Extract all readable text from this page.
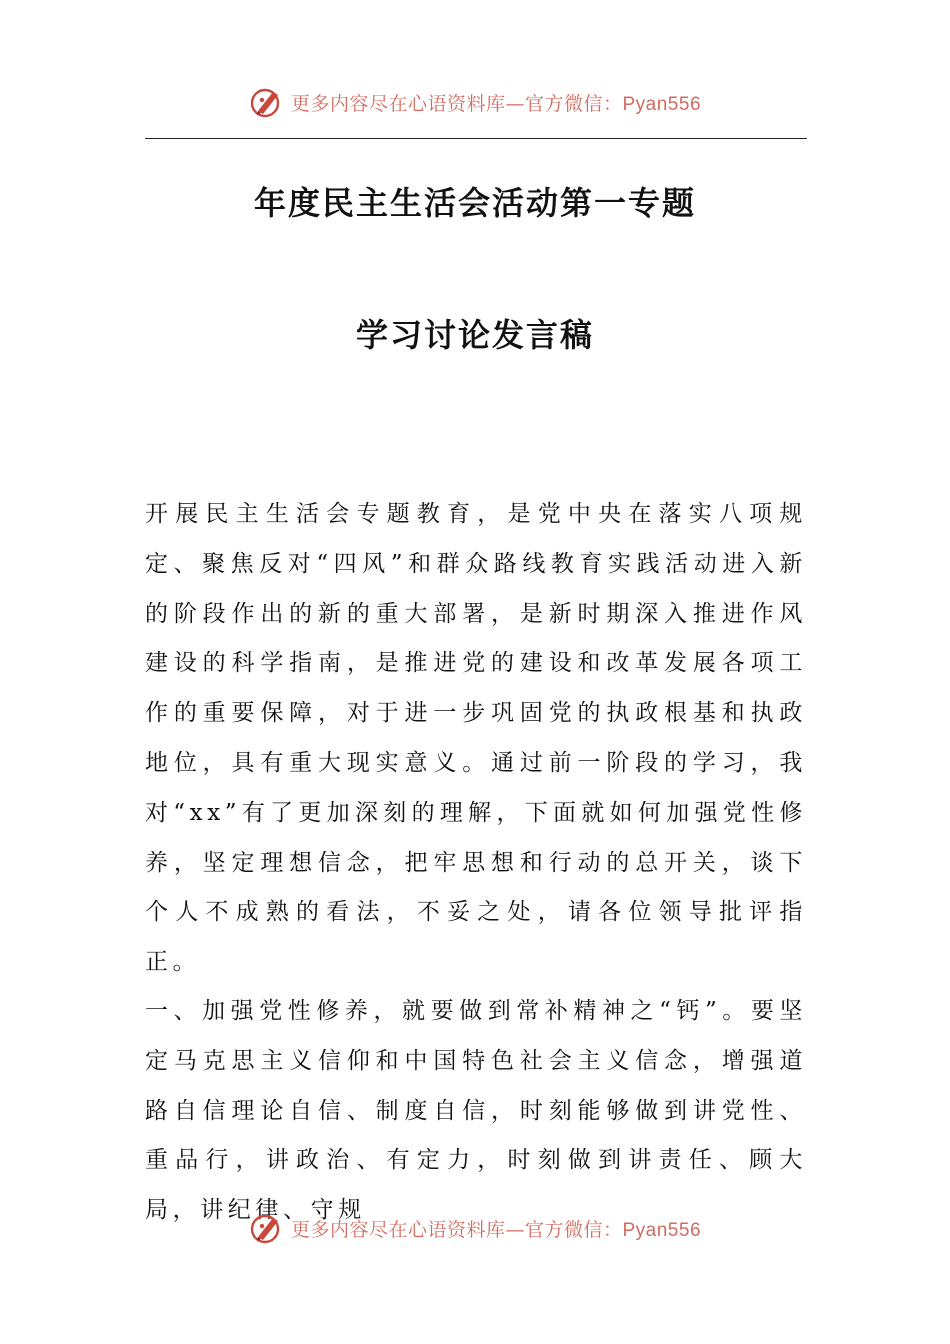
更多内容尽在心语资料库—官方微信：Pyan556
年度民主生活会活动第一专题
学习讨论发言稿

开展民主生活会专题教育，是党中央在落实八项规定、聚焦反对“四风”和群众路线教育实践活动进入新的阶段作出的新的重大部署，是新时期深入推进作风建设的科学指南，是推进党的建设和改革发展各项工作的重要保障，对于进一步巩固党的执政根基和执政地位，具有重大现实意义。通过前一阶段的学习，我对“xx”有了更加深刻的理解，下面就如何加强党性修养，坚定理想信念，把牢思想和行动的总开关，谈下个人不成熟的看法，不妥之处，请各位领导批评指正。

一、加强党性修养，就要做到常补精神之“钙”。要坚定马克思主义信仰和中国特色社会主义信念，增强道路自信理论自信、制度自信，时刻能够做到讲党性、重品行，讲政治、有定力，时刻做到讲责任、顾大局，讲纪律、守规

更多内容尽在心语资料库—官方微信：Pyan556
